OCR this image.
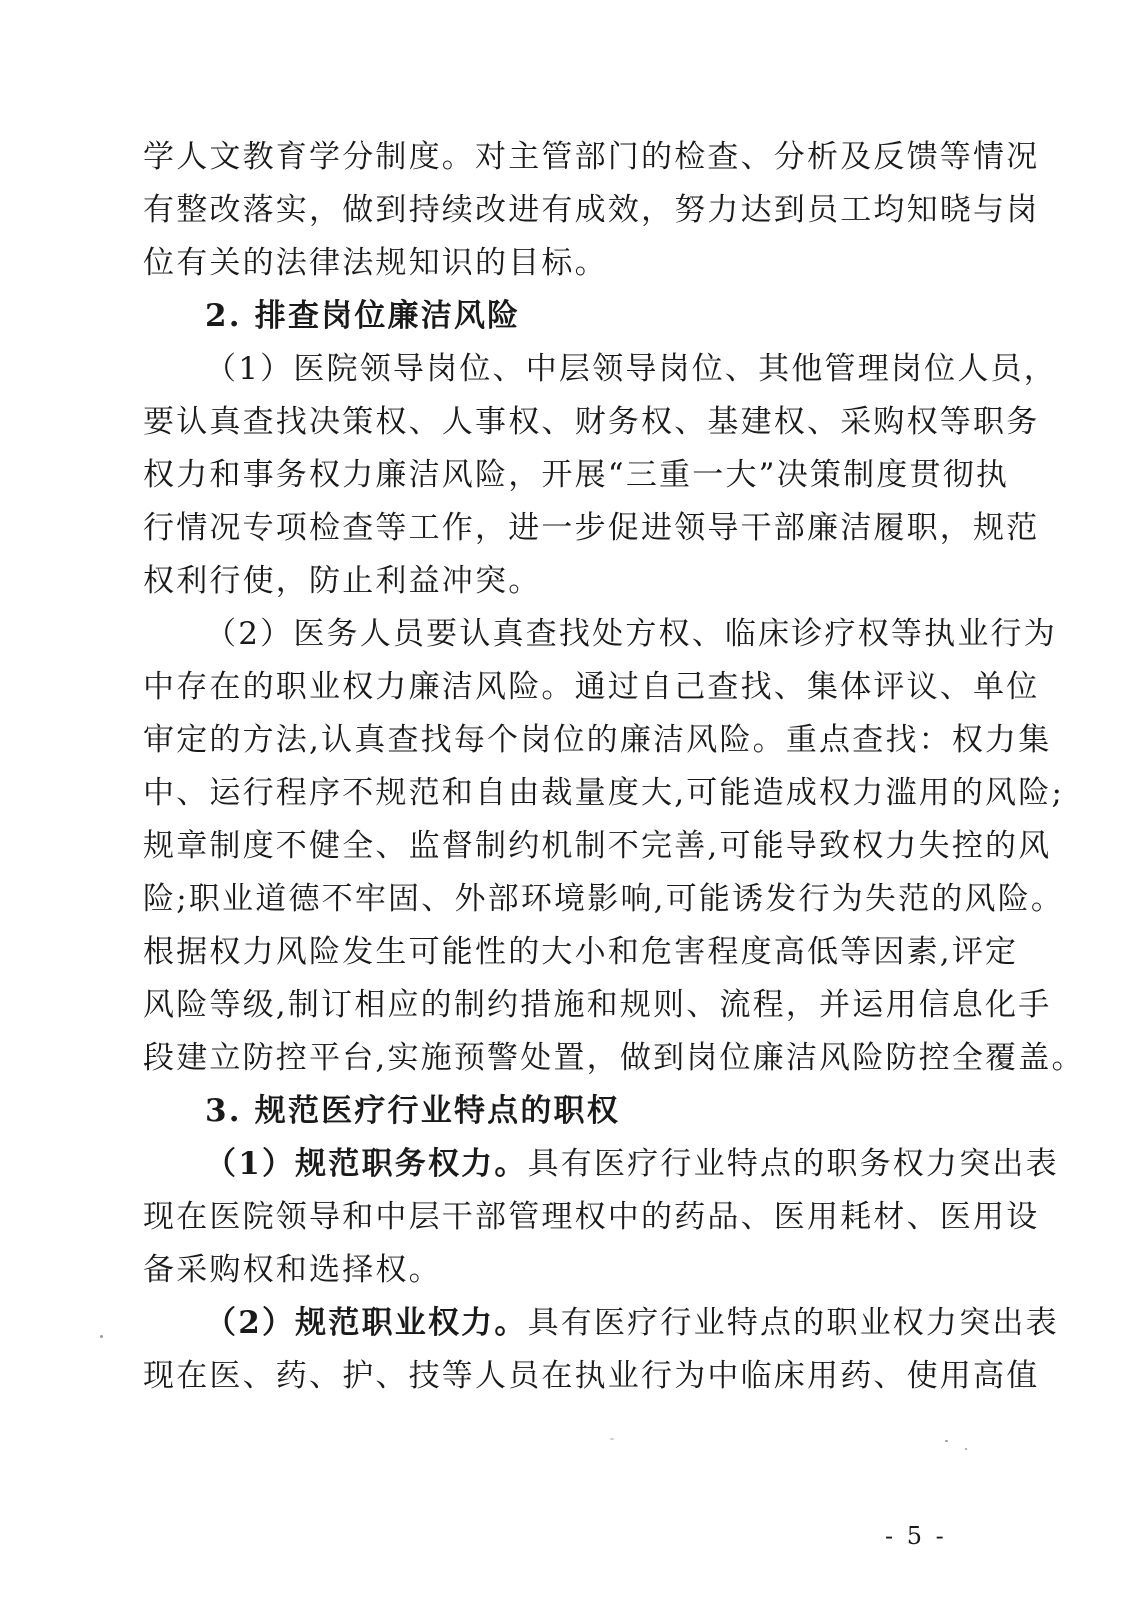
学人文教育学分制度。对主管部门的检查、分析及反馈等情况
有整改落实，做到持续改进有成效，努力达到员工均知晓与岗
位有关的法律法规知识的目标。
2. 排查岗位廉洁风险
（1）医院领导岗位、中层领导岗位、其他管理岗位人员，
要认真查找决策权、人事权、财务权、基建权、采购权等职务
权力和事务权力廉洁风险，开展“三重一大”决策制度贯彻执
行情况专项检查等工作，进一步促进领导干部廉洁履职，规范
权利行使，防止利益冲突。
（2）医务人员要认真查找处方权、临床诊疗权等执业行为
中存在的职业权力廉洁风险。通过自己查找、集体评议、单位
审定的方法,认真查找每个岗位的廉洁风险。重点查找：权力集
中、运行程序不规范和自由裁量度大,可能造成权力滥用的风险;
规章制度不健全、监督制约机制不完善,可能导致权力失控的风
险;职业道德不牢固、外部环境影响,可能诱发行为失范的风险。
根据权力风险发生可能性的大小和危害程度高低等因素,评定
风险等级,制订相应的制约措施和规则、流程，并运用信息化手
段建立防控平台,实施预警处置，做到岗位廉洁风险防控全覆盖。
3. 规范医疗行业特点的职权
（1）规范职务权力。具有医疗行业特点的职务权力突出表
现在医院领导和中层干部管理权中的药品、医用耗材、医用设
备采购权和选择权。
（2）规范职业权力。具有医疗行业特点的职业权力突出表
现在医、药、护、技等人员在执业行为中临床用药、使用高值
- 5 -
